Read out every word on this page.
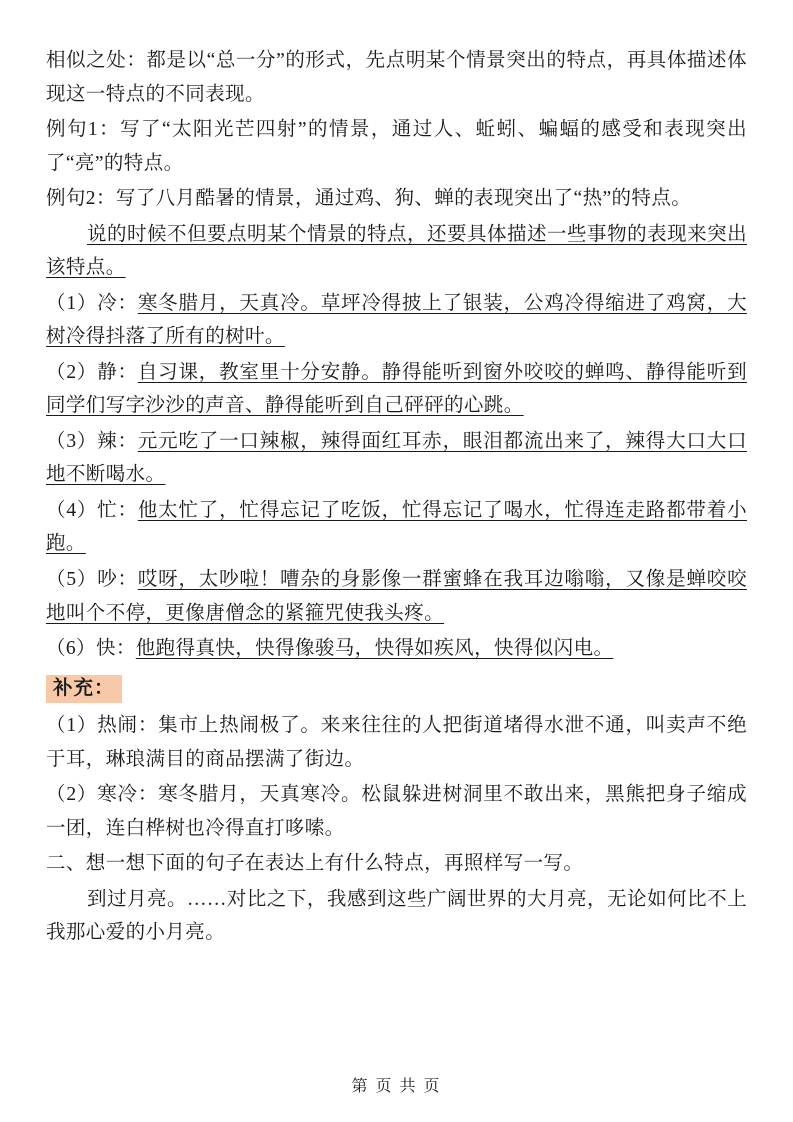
相似之处：都是以“总一分”的形式，先点明某个情景突出的特点，再具体描述体现这一特点的不同表现。

例句1：写了“太阳光芒四射”的情景，通过人、蚯蚓、蝙蝠的感受和表现突出了“亮”的特点。

例句2：写了八月酷暑的情景，通过鸡、狗、蝉的表现突出了“热”的特点。

说的时候不但要点明某个情景的特点，还要具体描述一些事物的表现来突出该特点。

（1）冷：寒冬腊月，天真冷。草坪冷得披上了银装，公鸡冷得缩进了鸡窝，大树冷得抖落了所有的树叶。

（2）静：自习课，教室里十分安静。静得能听到窗外咬咬的蝉鸣、静得能听到同学们写字沙沙的声音、静得能听到自己砰砰的心跳。

（3）辣：元元吃了一口辣椒，辣得面红耳赤，眼泪都流出来了，辣得大口大口地不断喝水。

（4）忙：他太忙了，忙得忘记了吃饭，忙得忘记了喝水，忙得连走路都带着小跑。

（5）吵：哎呀，太吵啦！嘈杂的身影像一群蜜蜂在我耳边嗡嗡，又像是蝉咬咬地叫个不停，更像唐僧念的紧箍咒使我头疼。

（6）快：他跑得真快，快得像骏马，快得如疾风，快得似闪电。

补充：

（1）热闹：集市上热闹极了。来来往往的人把街道堵得水泄不通，叫卖声不绝于耳，琳琅满目的商品摆满了街边。

（2）寒冷：寒冬腊月，天真寒冷。松鼠躲进树洞里不敢出来，黑熊把身子缩成一团，连白桦树也冷得直打哆嗦。

二、想一想下面的句子在表达上有什么特点，再照样写一写。

到过月亮。……对比之下，我感到这些广阔世界的大月亮，无论如何比不上我那心爱的小月亮。

第 页 共 页
